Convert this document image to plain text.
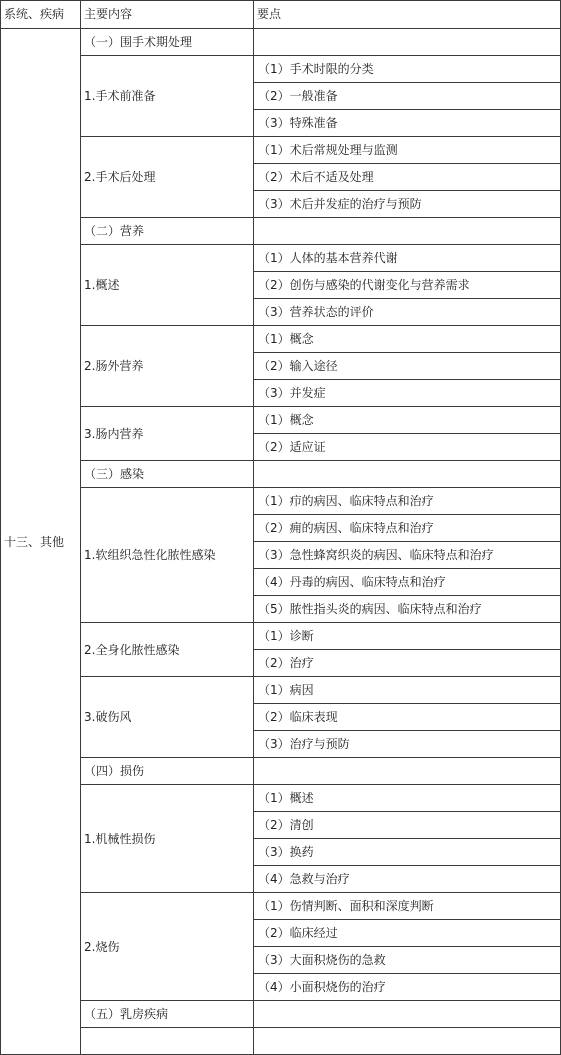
系统、疾病	主要内容	要点
十三、其他	（一）围手术期处理	
	1.手术前准备	（1）手术时限的分类
		（2）一般准备
		（3）特殊准备
	2.手术后处理	（1）术后常规处理与监测
		（2）术后不适及处理
		（3）术后并发症的治疗与预防
	（二）营养	
	1.概述	（1）人体的基本营养代谢
		（2）创伤与感染的代谢变化与营养需求
		（3）营养状态的评价
	2.肠外营养	（1）概念
		（2）输入途径
		（3）并发症
	3.肠内营养	（1）概念
		（2）适应证
	（三）感染	
	1.软组织急性化脓性感染	（1）疖的病因、临床特点和治疗
		（2）痈的病因、临床特点和治疗
		（3）急性蜂窝织炎的病因、临床特点和治疗
		（4）丹毒的病因、临床特点和治疗
		（5）脓性指头炎的病因、临床特点和治疗
	2.全身化脓性感染	（1）诊断
		（2）治疗
	3.破伤风	（1）病因
		（2）临床表现
		（3）治疗与预防
	（四）损伤	
	1.机械性损伤	（1）概述
		（2）清创
		（3）换药
		（4）急救与治疗
	2.烧伤	（1）伤情判断、面积和深度判断
		（2）临床经过
		（3）大面积烧伤的急救
		（4）小面积烧伤的治疗
	（五）乳房疾病	
